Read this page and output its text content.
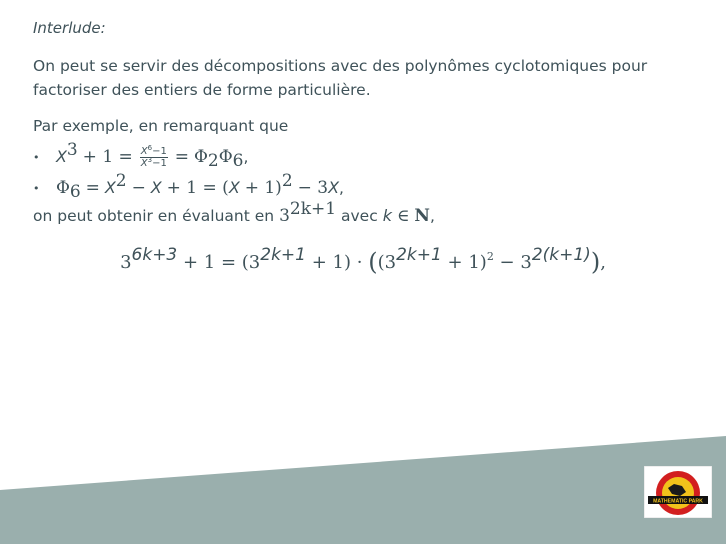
Interlude:
On peut se servir des décompositions avec des polynômes cyclotomiques pour factoriser des entiers de forme particulière.
Par exemple, en remarquant que
• $X^3 + 1 = \frac{X^6-1}{X^3-1} = \Phi_2\Phi_6$,
• $\Phi_6 = X^2 - X + 1 = (X + 1)^2 - 3X$,
on peut obtenir en évaluant en $3^{2k+1}$ avec k ∈ N,
$3^{6k+3} + 1 = (3^{2k+1} + 1) \cdot ((3^{2k+1} + 1)^2 - 3^{2(k+1)})$,
MATHEMATIC PARK
